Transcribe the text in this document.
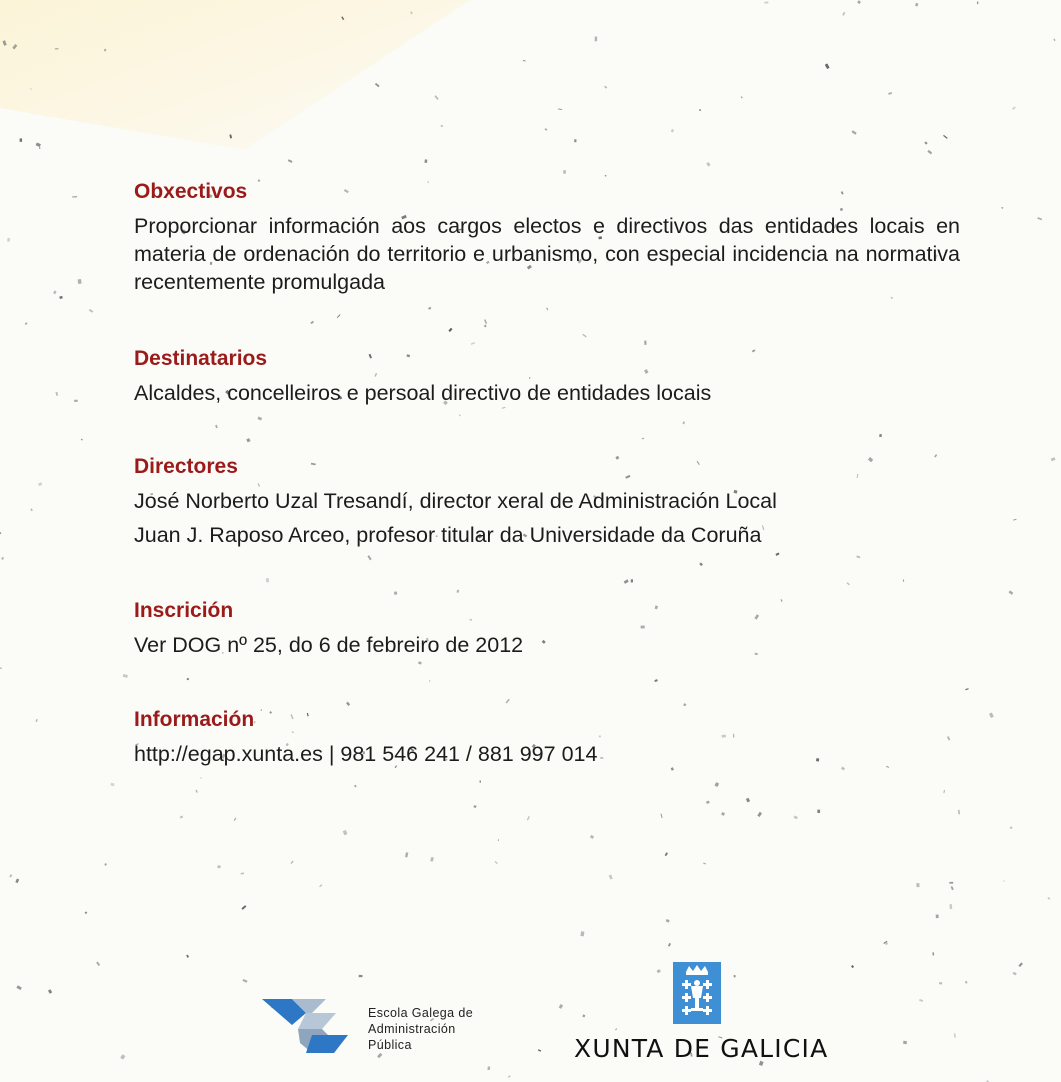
Obxectivos

Proporcionar información aos cargos electos e directivos das entidades locais en materia de ordenación do territorio e urbanismo, con especial incidencia na normativa recentemente promulgada

Destinatarios

Alcaldes, concelleiros e persoal directivo de entidades locais

Directores

José Norberto Uzal Tresandí, director xeral de Administración Local

Juan J. Raposo Arceo, profesor titular da Universidade da Coruña

Inscrición

Ver DOG nº 25, do 6 de febreiro de 2012

Información

http://egap.xunta.es | 981 546 241 / 881 997 014

Escola Galega de
Administración
Pública	XUNTA DE GALICIA
